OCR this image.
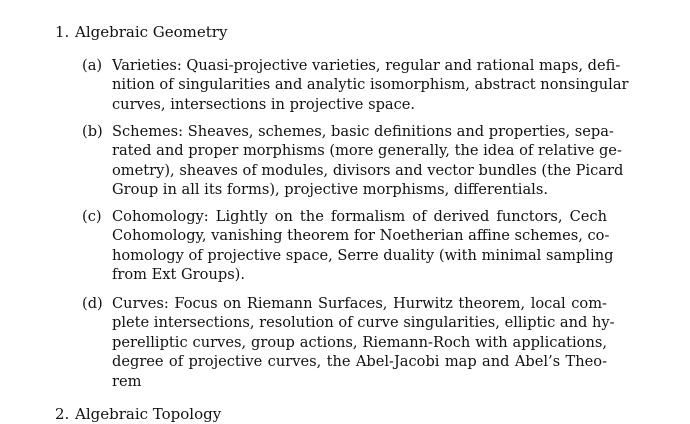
1. Algebraic Geometry
(a) Varieties: Quasi-projective varieties, regular and rational maps, defi-
nition of singularities and analytic isomorphism, abstract nonsingular
curves, intersections in projective space.
(b) Schemes: Sheaves, schemes, basic definitions and properties, sepa-
rated and proper morphisms (more generally, the idea of relative ge-
ometry), sheaves of modules, divisors and vector bundles (the Picard
Group in all its forms), projective morphisms, differentials.
(c) Cohomology: Lightly on the formalism of derived functors, Cech
Cohomology, vanishing theorem for Noetherian affine schemes, co-
homology of projective space, Serre duality (with minimal sampling
from Ext Groups).
(d) Curves: Focus on Riemann Surfaces, Hurwitz theorem, local com-
plete intersections, resolution of curve singularities, elliptic and hy-
perelliptic curves, group actions, Riemann-Roch with applications,
degree of projective curves, the Abel-Jacobi map and Abel’s Theo-
rem
2. Algebraic Topology
